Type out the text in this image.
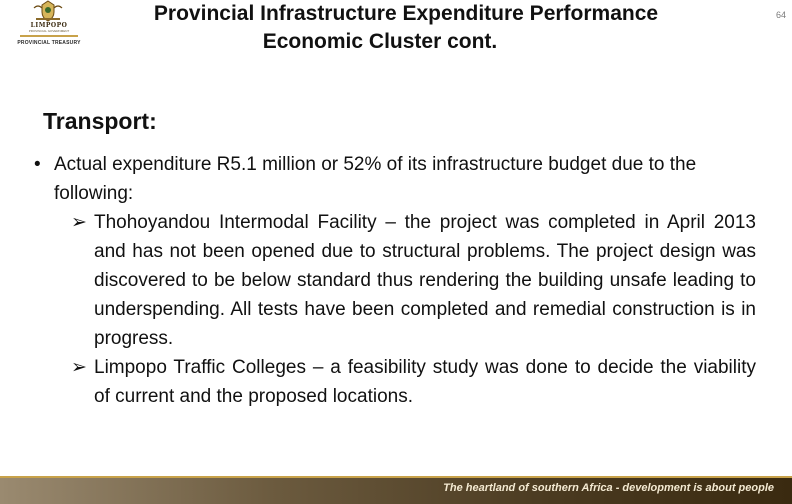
LIMPOPO
PROVINCIAL GOVERNMENT
PROVINCIAL TREASURY
64
Provincial Infrastructure Expenditure Performance
Economic Cluster cont.
Transport:
• Actual expenditure R5.1 million or 52% of its infrastructure budget due to the following:
➢ Thohoyandou Intermodal Facility – the project was completed in April 2013 and has not been opened due to structural problems. The project design was discovered to be below standard thus rendering the building unsafe leading to underspending. All tests have been completed and remedial construction is in progress.
➢ Limpopo Traffic Colleges – a feasibility study was done to decide the viability of current and the proposed locations.
The heartland of southern Africa - development is about people
